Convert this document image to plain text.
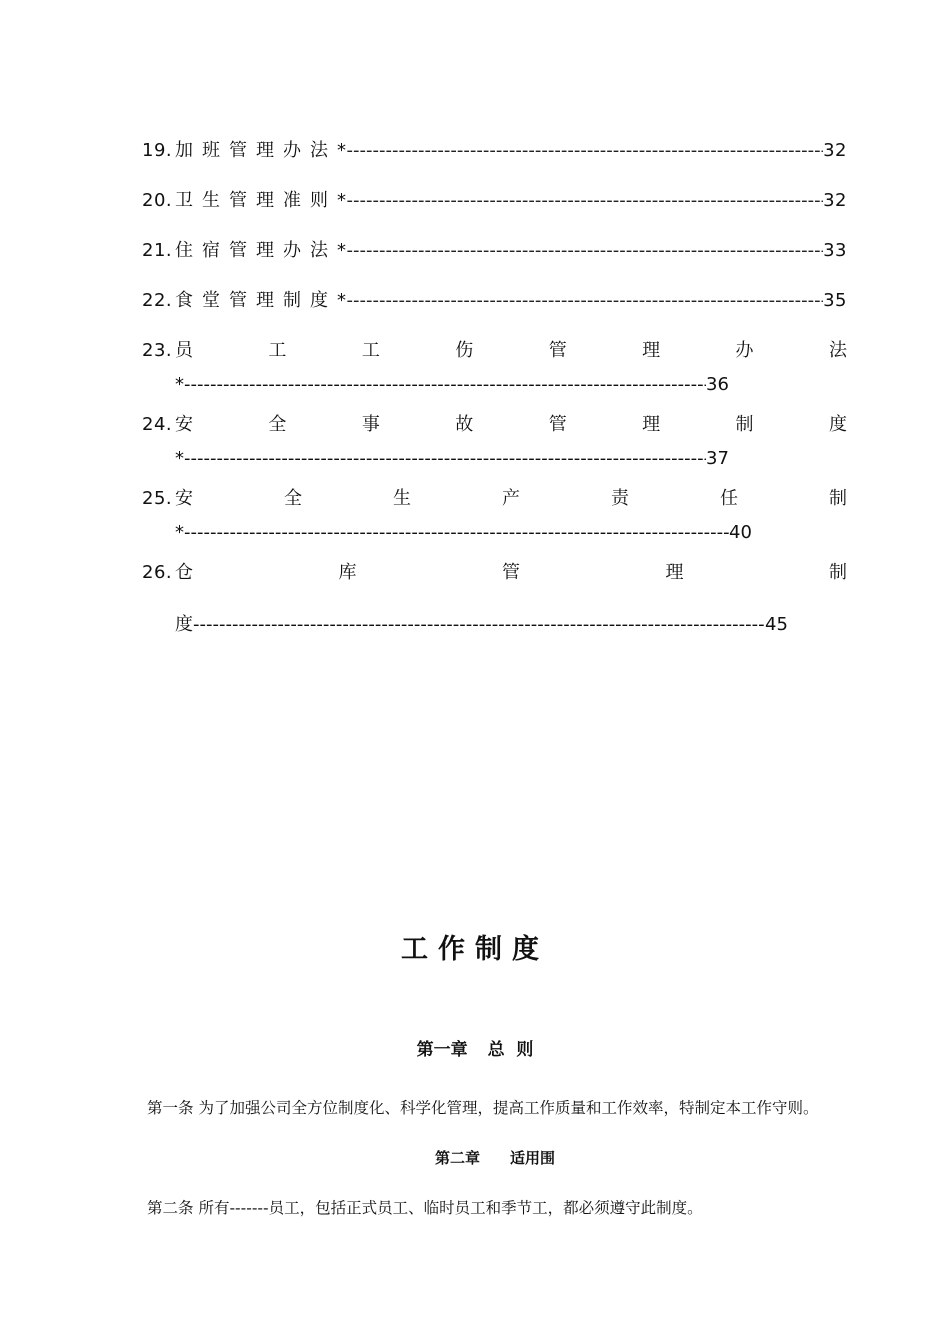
19. 加班管理办法 * -----	32
20. 卫生管理准则 * -----	32
21. 住宿管理办法 * -----	33
22. 食堂管理制度 * -----	35
23. 员	工	工	伤	管	理	办	法
* -----	36
24. 安	全	事	故	管	理	制	度
* -----	37
25. 安	全	生	产	责	任	制
* -----	40
26. 仓	库	管	理	制
度 -----	45
工作制度
第一章 总  则
第一条 为了加强公司全方位制度化、科学化管理，提高工作质量和工作效率，特制定本工作守则。
第二章 适用围
第二条 所有-------员工，包括正式员工、临时员工和季节工，都必须遵守此制度。
